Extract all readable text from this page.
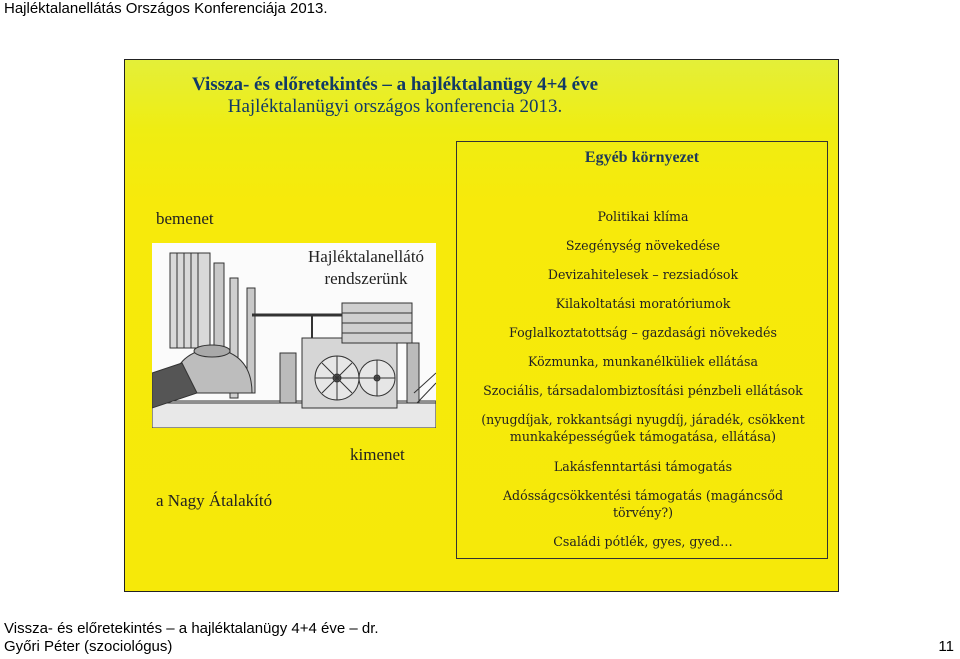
Hajléktalanellátás Országos Konferenciája 2013.
Vissza- és előretekintés – a hajléktalanügy 4+4 éve
Hajléktalanügyi országos konferencia 2013.
bemenet
Hajléktalanellátó
rendszerünk
kimenet
a Nagy Átalakító
Egyéb környezet
Politikai klíma
Szegénység növekedése
Devizahitelesek – rezsiadósok
Kilakoltatási moratóriumok
Foglalkoztatottság – gazdasági növekedés
Közmunka, munkanélküliek ellátása
Szociális, társadalombiztosítási pénzbeli ellátások
(nyugdíjak, rokkantsági nyugdíj, járadék, csökkent
munkaképességűek támogatása, ellátása)
Lakásfenntartási támogatás
Adósságcsökkentési támogatás (magáncsőd
törvény?)
Családi pótlék, gyes, gyed…
Vissza- és előretekintés – a hajléktalanügy 4+4 éve – dr.
Győri Péter (szociológus)	11
